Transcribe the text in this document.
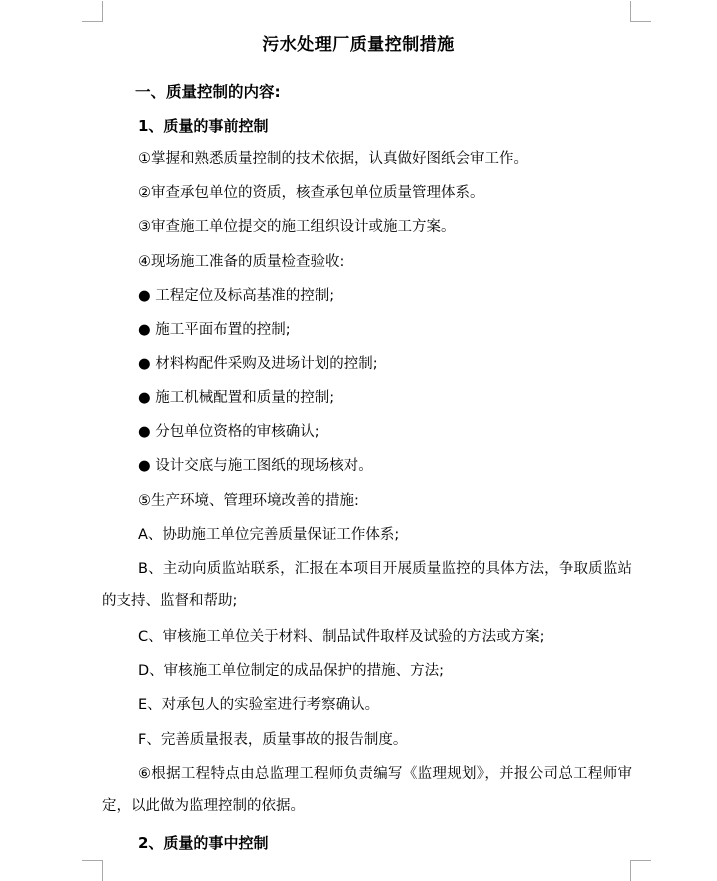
污水处理厂质量控制措施
一、质量控制的内容:
1、质量的事前控制
①掌握和熟悉质量控制的技术依据，认真做好图纸会审工作。
②审查承包单位的资质，核查承包单位质量管理体系。
③审查施工单位提交的施工组织设计或施工方案。
④现场施工准备的质量检查验收:
● 工程定位及标高基准的控制;
● 施工平面布置的控制;
● 材料构配件采购及进场计划的控制;
● 施工机械配置和质量的控制;
● 分包单位资格的审核确认;
● 设计交底与施工图纸的现场核对。
⑤生产环境、管理环境改善的措施:
A、协助施工单位完善质量保证工作体系;
B、主动向质监站联系，汇报在本项目开展质量监控的具体方法，争取质监站的支持、监督和帮助;
C、审核施工单位关于材料、制品试件取样及试验的方法或方案;
D、审核施工单位制定的成品保护的措施、方法;
E、对承包人的实验室进行考察确认。
F、完善质量报表，质量事故的报告制度。
⑥根据工程特点由总监理工程师负责编写《监理规划》，并报公司总工程师审定，以此做为监理控制的依据。
2、质量的事中控制
